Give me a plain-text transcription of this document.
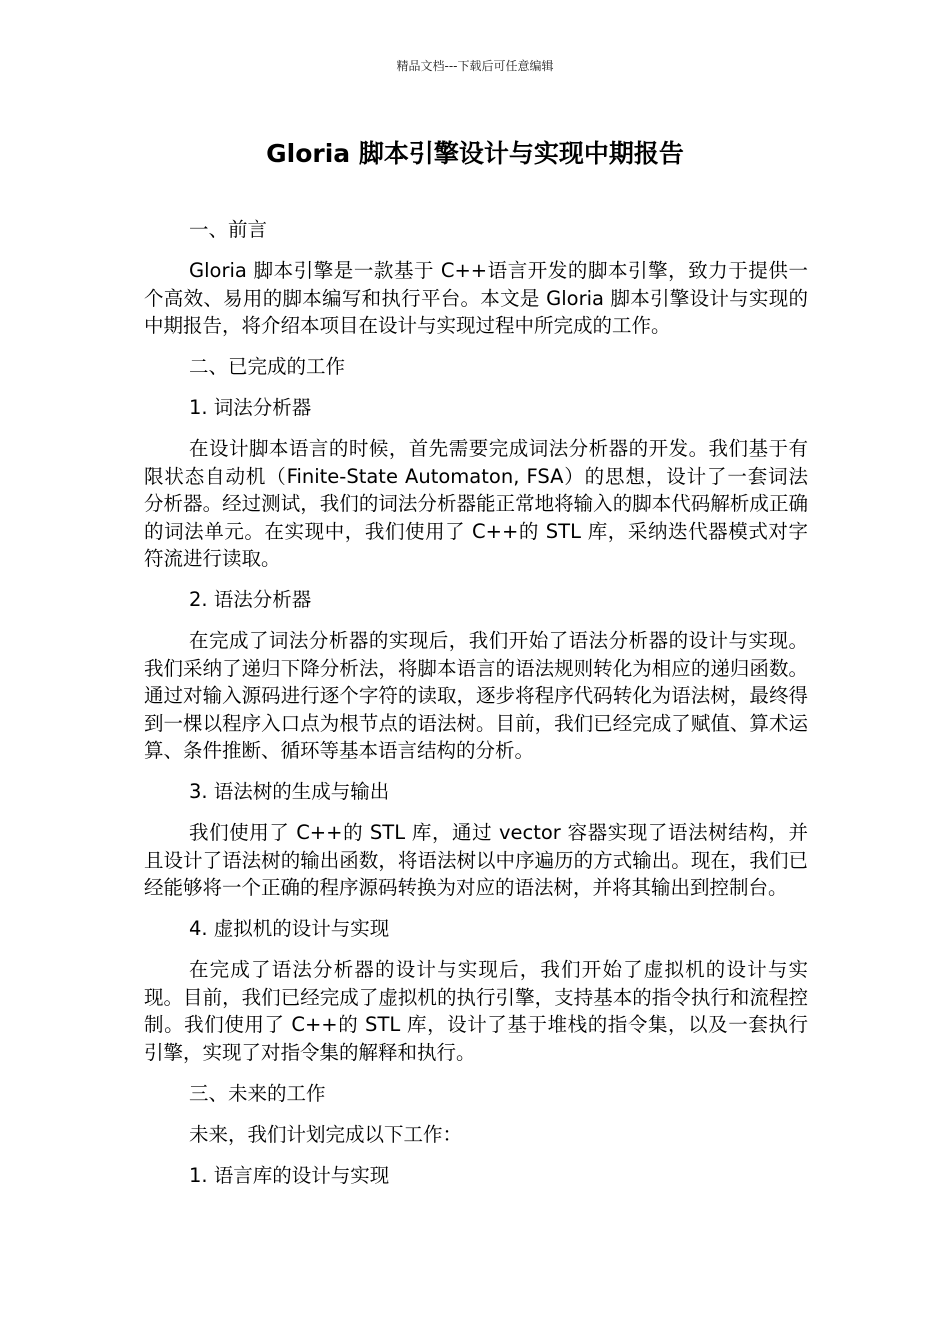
精品文档---下载后可任意编辑
Gloria 脚本引擎设计与实现中期报告

一、前言

Gloria 脚本引擎是一款基于 C++语言开发的脚本引擎，致力于提供一个高效、易用的脚本编写和执行平台。本文是 Gloria 脚本引擎设计与实现的中期报告，将介绍本项目在设计与实现过程中所完成的工作。

二、已完成的工作

1. 词法分析器

在设计脚本语言的时候，首先需要完成词法分析器的开发。我们基于有限状态自动机（Finite-State Automaton, FSA）的思想，设计了一套词法分析器。经过测试，我们的词法分析器能正常地将输入的脚本代码解析成正确的词法单元。在实现中，我们使用了 C++的 STL 库，采纳迭代器模式对字符流进行读取。

2. 语法分析器

在完成了词法分析器的实现后，我们开始了语法分析器的设计与实现。我们采纳了递归下降分析法，将脚本语言的语法规则转化为相应的递归函数。通过对输入源码进行逐个字符的读取，逐步将程序代码转化为语法树，最终得到一棵以程序入口点为根节点的语法树。目前，我们已经完成了赋值、算术运算、条件推断、循环等基本语言结构的分析。

3. 语法树的生成与输出

我们使用了 C++的 STL 库，通过 vector 容器实现了语法树结构，并且设计了语法树的输出函数，将语法树以中序遍历的方式输出。现在，我们已经能够将一个正确的程序源码转换为对应的语法树，并将其输出到控制台。

4. 虚拟机的设计与实现

在完成了语法分析器的设计与实现后，我们开始了虚拟机的设计与实现。目前，我们已经完成了虚拟机的执行引擎，支持基本的指令执行和流程控制。我们使用了 C++的 STL 库，设计了基于堆栈的指令集，以及一套执行引擎，实现了对指令集的解释和执行。

三、未来的工作

未来，我们计划完成以下工作：

1. 语言库的设计与实现
